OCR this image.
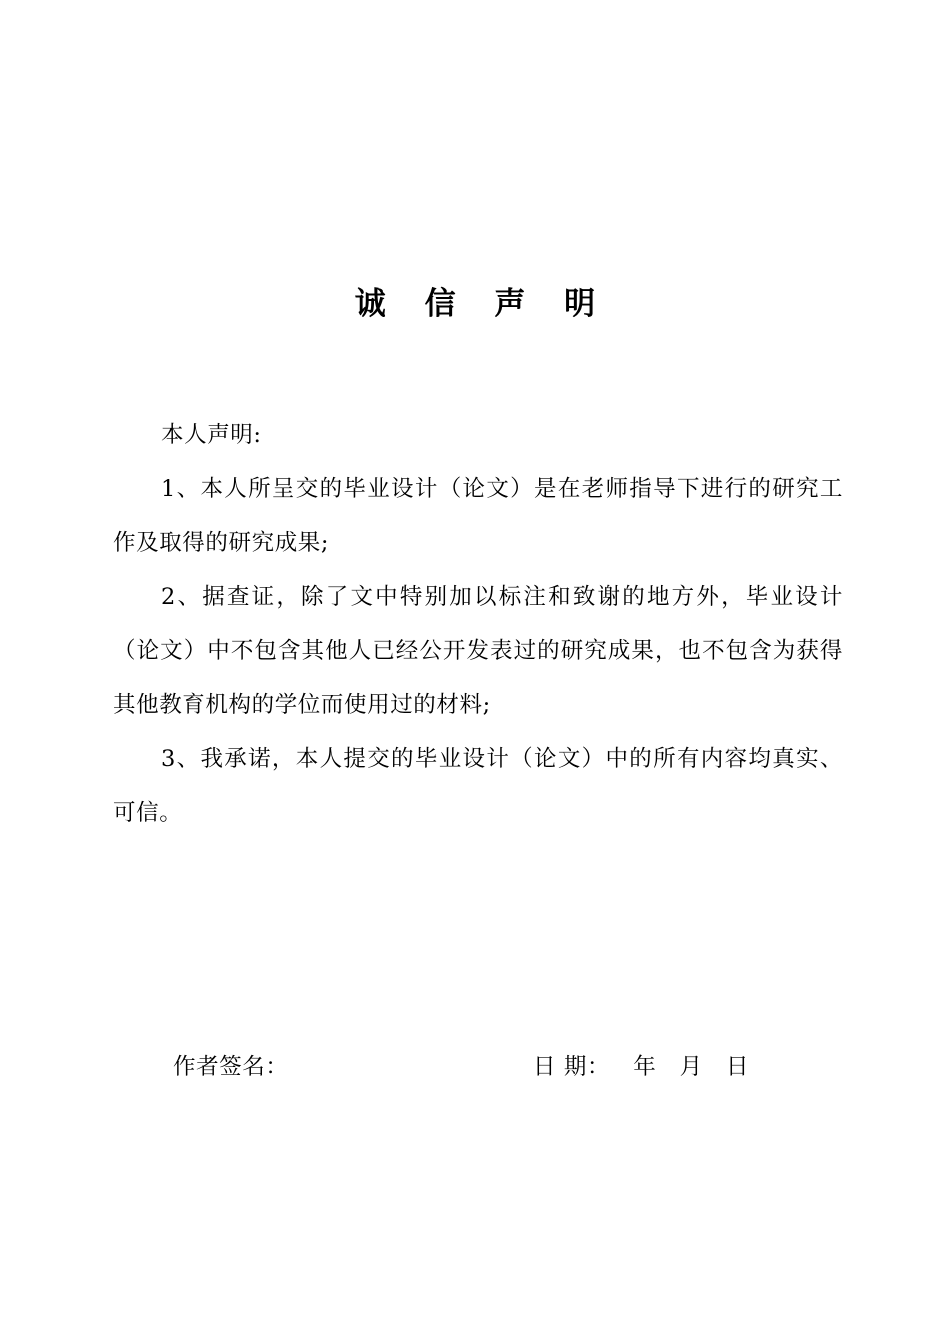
诚 信 声 明

本人声明:

1、本人所呈交的毕业设计（论文）是在老师指导下进行的研究工作及取得的研究成果;

2、据查证，除了文中特别加以标注和致谢的地方外，毕业设计（论文）中不包含其他人已经公开发表过的研究成果，也不包含为获得其他教育机构的学位而使用过的材料;

3、我承诺，本人提交的毕业设计（论文）中的所有内容均真实、可信。

作者签名：	日 期：   年   月   日
